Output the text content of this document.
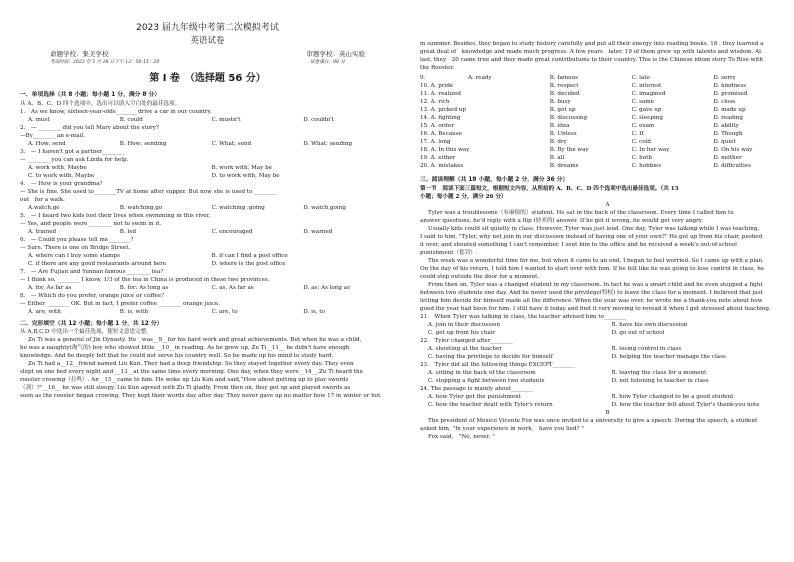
2023 届九年级中考第二次模拟考试
英语试卷
命题学校：集美学校	审题学校：英山实验
考试时间：2023 年 5 月 18 日下午 13：50-15：20	试卷满分：80 分
第 I 卷　（选择题 56 分）
一、单项选择（共 8 小题；每小题 1 分，满分 8 分）
从 A、B、C、D 四个选项中，选出可以填入空白处的最佳选项。
1.　As we know, sixteen-year-olds________drive a car in our country.
A. must	B. could	C. mustn't	D. couldn't
2.　— ________ did you tell Mary about the story?
—By________ an e-mail.
A. How; send	B. How; sending	C. What; send	D. What; sending
3.　— I haven't got a partner________
— ________ you can ask Linda for help.
A. work with, Maybe	B. work with, May be
C. to work with, Maybe	D. to work with, May be
4.　— How is your grandma?
— She is fine. She used to________TV at home after supper. But now she is used to ________
out　for a walk.
A.watch,go	B. watching,go	C. watching ;going	D. watch,going
5.　— I heard two kids lost their lives when swimming in this river.
— Yes, and people were ________ not to swim in it.
A. trained	B. led	C. encouraged	D. warned
6.　— Could you please tell me________?
— Sure. There is one on Bridge Street.
A. where can I buy some stamps	B. if can I find a post office
C. if there are any good restaurants around here	D. where is the post office
7.　— Are Fujian and Yunnan famous ________ tea?
— I think so. ________ I know, 1/3 of the tea in China is produced in these two provinces.
A. for, As far as	B. for; As long as	C. as, As far as	D. as; As long as
8.　— Which do you prefer, orange juice or coffee?
— Either ________ OK. But in fact, I prefer coffee ________ orange juice.
A. are, with	B. is, with	C. are, to	D. is, to
二、完形填空（共 12 小题；每小题 1 分，共 12 分）
从 A,B,C,D 中选出一个最佳选项，使短文意思完整。
Zu Ti was a general of Jin Dynasty. He　was__9__for his hard work and great achievements. But when he was a child,
he was a naughty(淘气的) boy who showed little __10__in reading. As he grew up, Zu Ti__11__ he didn't have enough
knowledge. And he deeply felt that he could not serve his country well. So he made up his mind to study hard.
Zu Ti had a__12__friend named Liu Kun. They had a deep friendship. So they stayed together every day. They even
slept on one bed every night and __13__at the same time every morning. One day, when they were__14__,Zu Ti heard the
rooster crowing（打鸣）. An__15__came to him. He woke up Liu Kun and said,"How about getting up to play swords
（剑）?"__16__ he was still sleepy, Liu Kun agreed with Zu Ti gladly. From then on, they got up and played swords as
soon as the rooster began crowing. They kept their words day after day. They never gave up no matter how 17 in winter or hot
in summer. Besides, they began to study history carefully and put all their energy into reading books. 18 , they learned a
great deal of　knowledge and made much progress. A few years　later, 19 of them grew up with talents and wisdom. At
last, they　20 came true and they made great contributions to their country. This is the Chinese idiom story To Rise with
the Rooster.
9.	A. ready	B. famous	C. late	D. sorry
10. A. pride	B. respect	C. interest	D. kindness
11. A. realized	B. decided	C. imagined	D. promised
12. A. rich	B. busy	C. same	D. close
13. A. picked up	B. got up	C. gave up	D. made up
14. A. fighting	B. discussing	C. sleeping	D. reading
15. A. order	B. idea	C. exam	D. ability
16. A. Because	B. Unless	C. If	D. Though
17. A. long	B. dry	C. cold	D. quiet
18. A. In this way	B. By the way	C. In her way	D. On his way
19. A. either	B. all	C. both	D. neither
20. A. mistakes	B. dreams	C. hobbies	D. difficulties
三、阅读理解（共 18 小题，每小题 2 分，满分 36 分）
第一节　阅读下面三篇短文，根据短文内容，从所给的 A、B、C、D 四个选项中选出最佳选项。（共 13
小题；每小题 2 分，满分 26 分）
A
Tyler was a troublesome（有麻烦的）student. He sat in the back of the classroom. Every time I called him to
answer questions, he'd reply with a flip (轻率的) answer. If he got it wrong, he would get very angry.
Usually kids could sit quietly in class. However, Tyler was just loud. One day, Tyler was talking while I was teaching,
I said to him, "Tyler, why not join in our discussion instead of having one of your own?" He got up from his chair, pushed
it over, and shouted something I can't remember. I sent him to the office and he received a week's out-of-school
punishment（惩罚）.
The week was a wonderful time for me, but when it came to an end, I began to feel worried. So I came up with a plan.
On the day of his return, I told him I wanted to start over with him. If he felt like he was going to lose control in class, he
could step outside the door for a moment.
From then on, Tyler was a changed student in my classroom. In fact he was a smart child and he even stopped a fight
between two students one day. And he never used the privilege(特权) to leave the class for a moment. I believed that just
letting him decide for himself made all the difference. When the year was over, he wrote me a thank-you note about how
good the year had been for him. I still have it today and find it very moving to reread it when I get stressed about teaching.
21.　When Tyler was talking in class, the teacher advised him to________
A. join in their discussion	B. have his own discussion
C. get up from his chair	D. go out of school
22.　Tyler changed after________
A. shouting at the teacher	B. losing control in class
C. having the privilege to decide for himself	D. helping the teacher manage the class
23.　Tyler did all the following things EXCEPT________
A. sitting in the back of the classroom	B. leaving the class for a moment
C. stopping a fight between two students	D. not listening to teacher in class
24. The passage is mainly about________
A. how Tyler got the punishment	B. how Tyler changed to be a good student
C. how the teacher dealt with Tyler's return	D. how the teacher felt about Tyler's thank-you note
B
The president of Mexico Vicente Fox was once invited to a university to give a speech. During the speech, a student
asked him, "In your experience in work,　have you lied? "
Fox said,　"No, never. "
